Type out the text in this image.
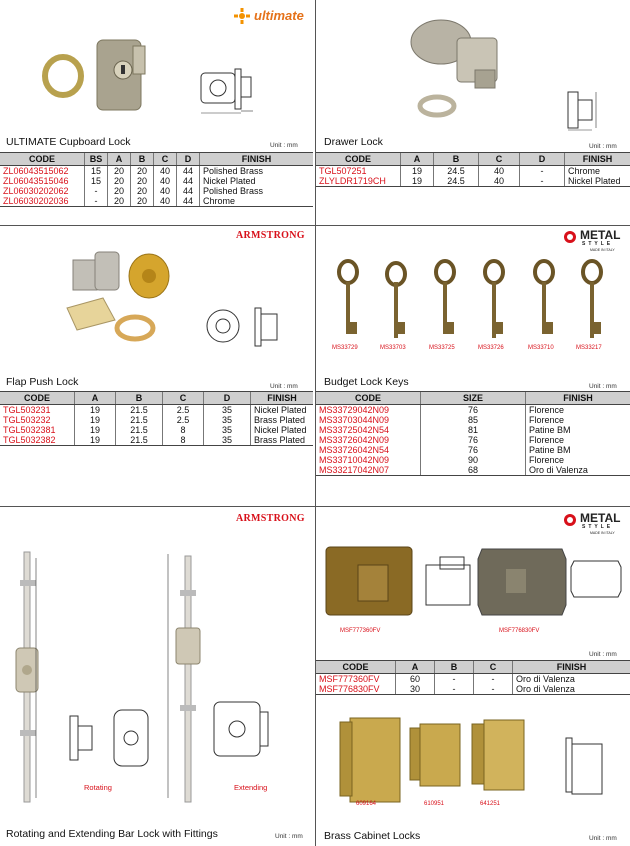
ultimate
ULTIMATE Cupboard Lock	Unit : mm
CODE	BS	A	B	C	D	FINISH
ZL06043515062	15	20	20	40	44	Polished Brass
ZL06043515046	15	20	20	40	44	Nickel Plated
ZL06030202062	-	20	20	40	44	Polished Brass
ZL06030202036	-	20	20	40	44	Chrome
Drawer Lock	Unit : mm
CODE	A	B	C	D	FINISH
TGL507251	19	24.5	40	-	Chrome
ZLYLDR1719CH	19	24.5	40	-	Nickel Plated
ARMSTRONG
Flap Push Lock	Unit : mm
CODE	A	B	C	D	FINISH
TGL503231	19	21.5	2.5	35	Nickel Plated
TGL503232	19	21.5	2.5	35	Brass Plated
TGL5032381	19	21.5	8	35	Nickel Plated
TGL5032382	19	21.5	8	35	Brass Plated
METAL
STYLE
MADE IN ITALY
MS33729	MS33703	MS33725	MS33726	MS33710	MS33217
Budget Lock Keys	Unit : mm
CODE	SIZE	FINISH
MS33729042N09	76	Florence
MS33703044N09	85	Florence
MS33725042N54	81	Patine BM
MS33726042N09	76	Florence
MS33726042N54	76	Patine BM
MS33710042N09	90	Florence
MS33217042N07	68	Oro di Valenza
ARMSTRONG
Rotating	Extending
Rotating and Extending Bar Lock with Fittings	Unit : mm
METAL
STYLE
MADE IN ITALY
MSF777360FV	MSF776830FV
Unit : mm
CODE	A	B	C	FINISH
MSF777360FV	60	-	-	Oro di Valenza
MSF776830FV	30	-	-	Oro di Valenza
609164	610951	641251
Brass Cabinet Locks	Unit : mm
